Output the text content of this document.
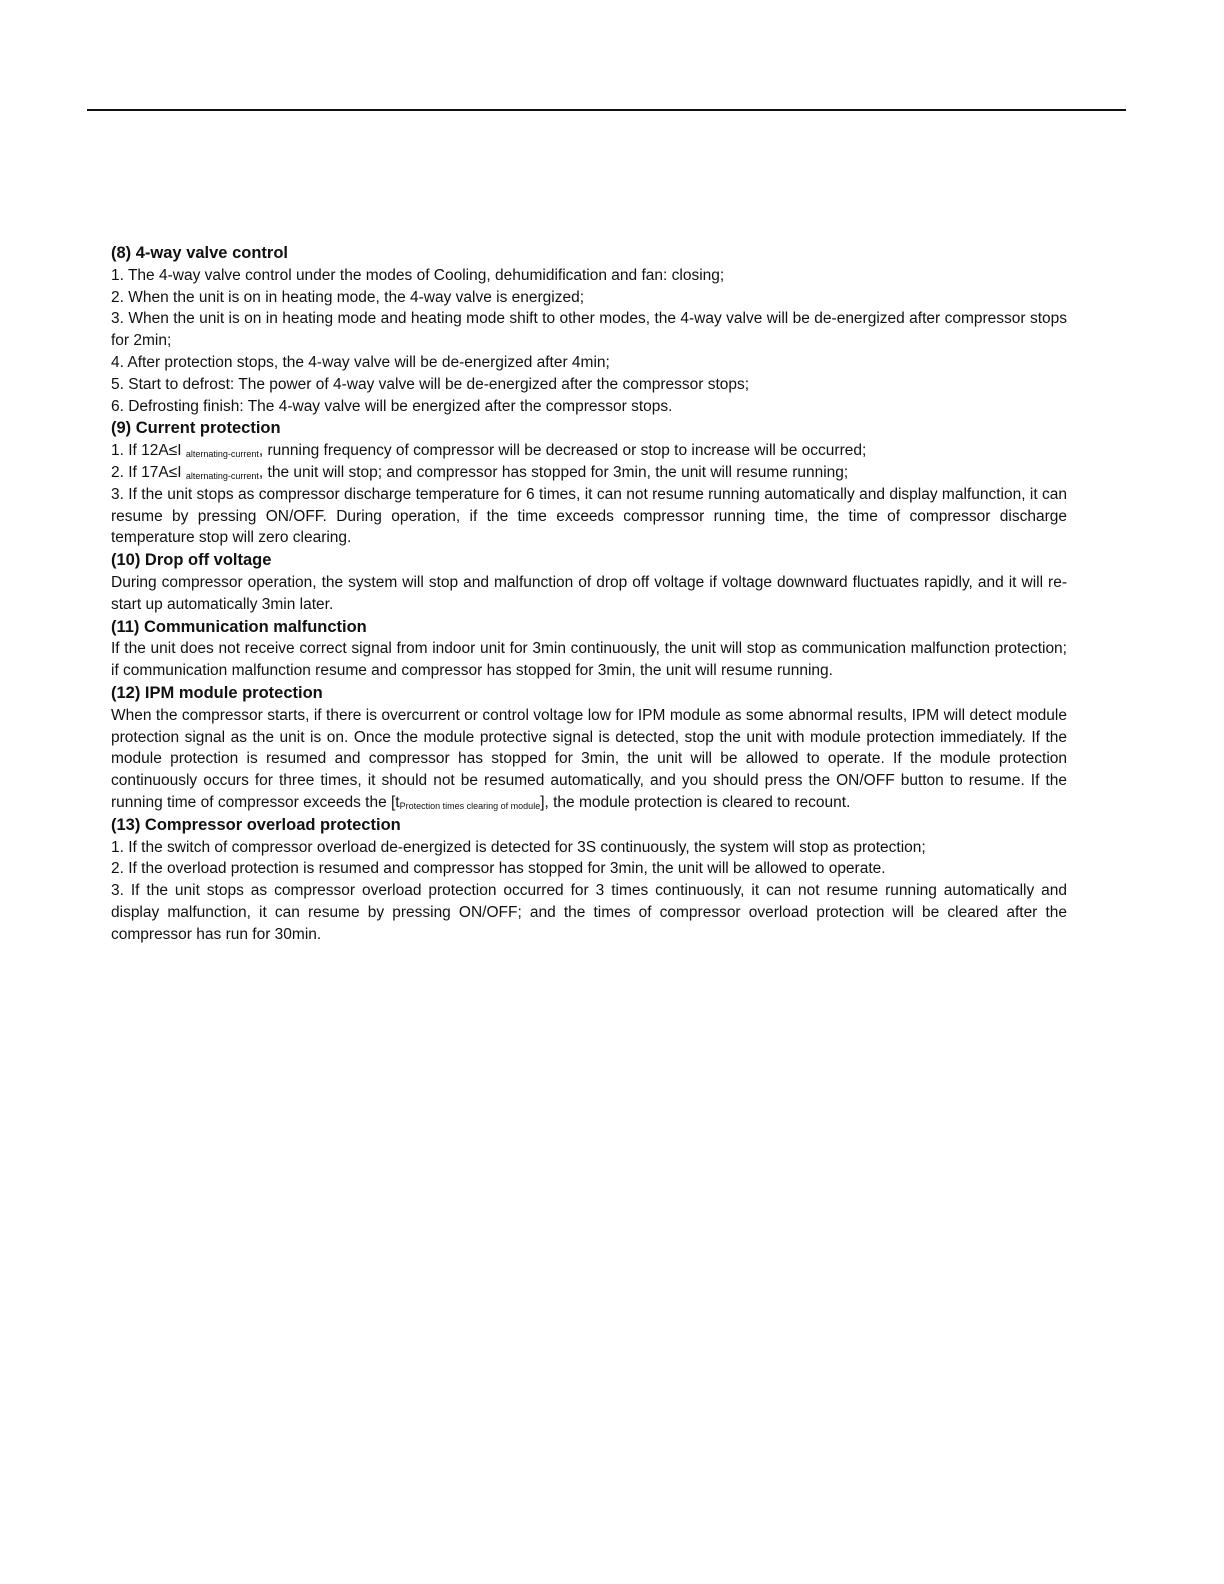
(8) 4-way valve control

1. The 4-way valve control under the modes of Cooling, dehumidification and fan: closing;

2. When the unit is on in heating mode, the 4-way valve is energized;

3. When the unit is on in heating mode and heating mode shift to other modes, the 4-way valve will be de-energized after compressor stops for 2min;

4. After protection stops, the 4-way valve will be de-energized after 4min;

5. Start to defrost: The power of 4-way valve will be de-energized after the compressor stops;

6. Defrosting finish: The 4-way valve will be energized after the compressor stops.

(9) Current protection

1. If 12A≤I $_{alternating-current}$, running frequency of compressor will be decreased or stop to increase will be occurred;

2. If 17A≤I $_{alternating-current}$, the unit will stop; and compressor has stopped for 3min, the unit will resume running;

3. If the unit stops as compressor discharge temperature for 6 times, it can not resume running automatically and display malfunction, it can resume by pressing ON/OFF. During operation, if the time exceeds compressor running time, the time of compressor discharge temperature stop will zero clearing.

(10) Drop off voltage

During compressor operation, the system will stop and malfunction of drop off voltage if voltage downward fluctuates rapidly, and it will re-start up automatically 3min later.

(11) Communication malfunction

If the unit does not receive correct signal from indoor unit for 3min continuously, the unit will stop as communication malfunction protection; if communication malfunction resume and compressor has stopped for 3min, the unit will resume running.

(12) IPM module protection

When the compressor starts, if there is overcurrent or control voltage low for IPM module as some abnormal results, IPM will detect module protection signal as the unit is on. Once the module protective signal is detected, stop the unit with module protection immediately. If the module protection is resumed and compressor has stopped for 3min, the unit will be allowed to operate. If the module protection continuously occurs for three times, it should not be resumed automatically, and you should press the ON/OFF button to resume. If the running time of compressor exceeds the $[t_{Protection times clearing of module}]$, the module protection is cleared to recount.

(13) Compressor overload protection

1. If the switch of compressor overload de-energized is detected for 3S continuously, the system will stop as protection;

2. If the overload protection is resumed and compressor has stopped for 3min, the unit will be allowed to operate.

3. If the unit stops as compressor overload protection occurred for 3 times continuously, it can not resume running automatically and display malfunction, it can resume by pressing ON/OFF; and the times of compressor overload protection will be cleared after the compressor has run for 30min.
